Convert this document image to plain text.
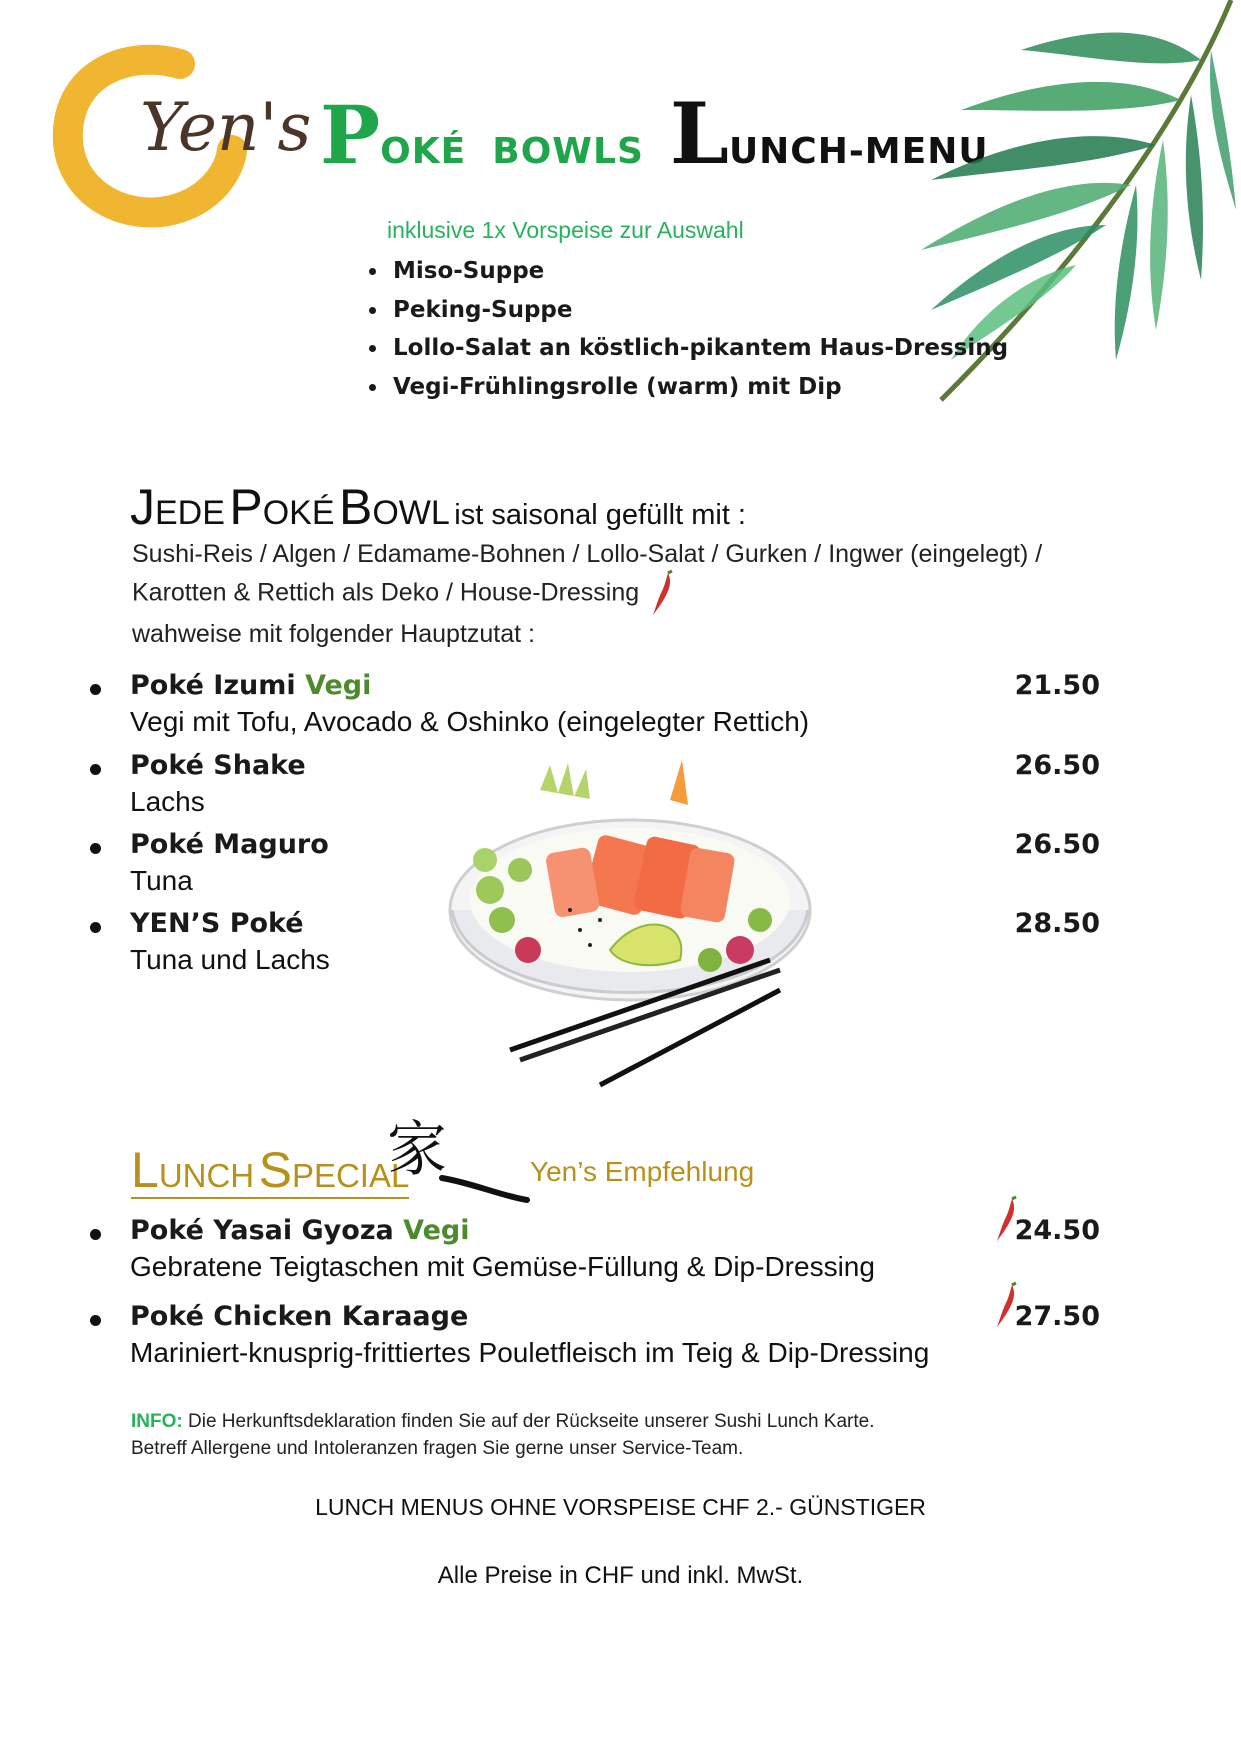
Yen's POKÉ BOWLS LUNCH-MENU
inklusive 1x Vorspeise zur Auswahl
• Miso-Suppe
• Peking-Suppe
• Lollo-Salat an köstlich-pikantem Haus-Dressing
• Vegi-Frühlingsrolle (warm) mit Dip
JEDE POKÉ BOWL ist saisonal gefüllt mit :
Sushi-Reis / Algen / Edamame-Bohnen / Lollo-Salat / Gurken / Ingwer (eingelegt) /
Karotten & Rettich als Deko / House-Dressing
wahweise mit folgender Hauptzutat :
Poké Izumi Vegi	21.50
Vegi mit Tofu, Avocado & Oshinko (eingelegter Rettich)
Poké Shake	26.50
Lachs
Poké Maguro	26.50
Tuna
YEN’S Poké	28.50
Tuna und Lachs
LUNCH SPECIAL
家	Yen’s Empfehlung
Poké Yasai Gyoza Vegi	24.50
Gebratene Teigtaschen mit Gemüse-Füllung & Dip-Dressing
Poké Chicken Karaage	27.50
Mariniert-knusprig-frittiertes Pouletfleisch im Teig & Dip-Dressing
INFO: Die Herkunftsdeklaration finden Sie auf der Rückseite unserer Sushi Lunch Karte.
Betreff Allergene und Intoleranzen fragen Sie gerne unser Service-Team.
LUNCH MENUS OHNE VORSPEISE CHF 2.- GÜNSTIGER
Alle Preise in CHF und inkl. MwSt.
